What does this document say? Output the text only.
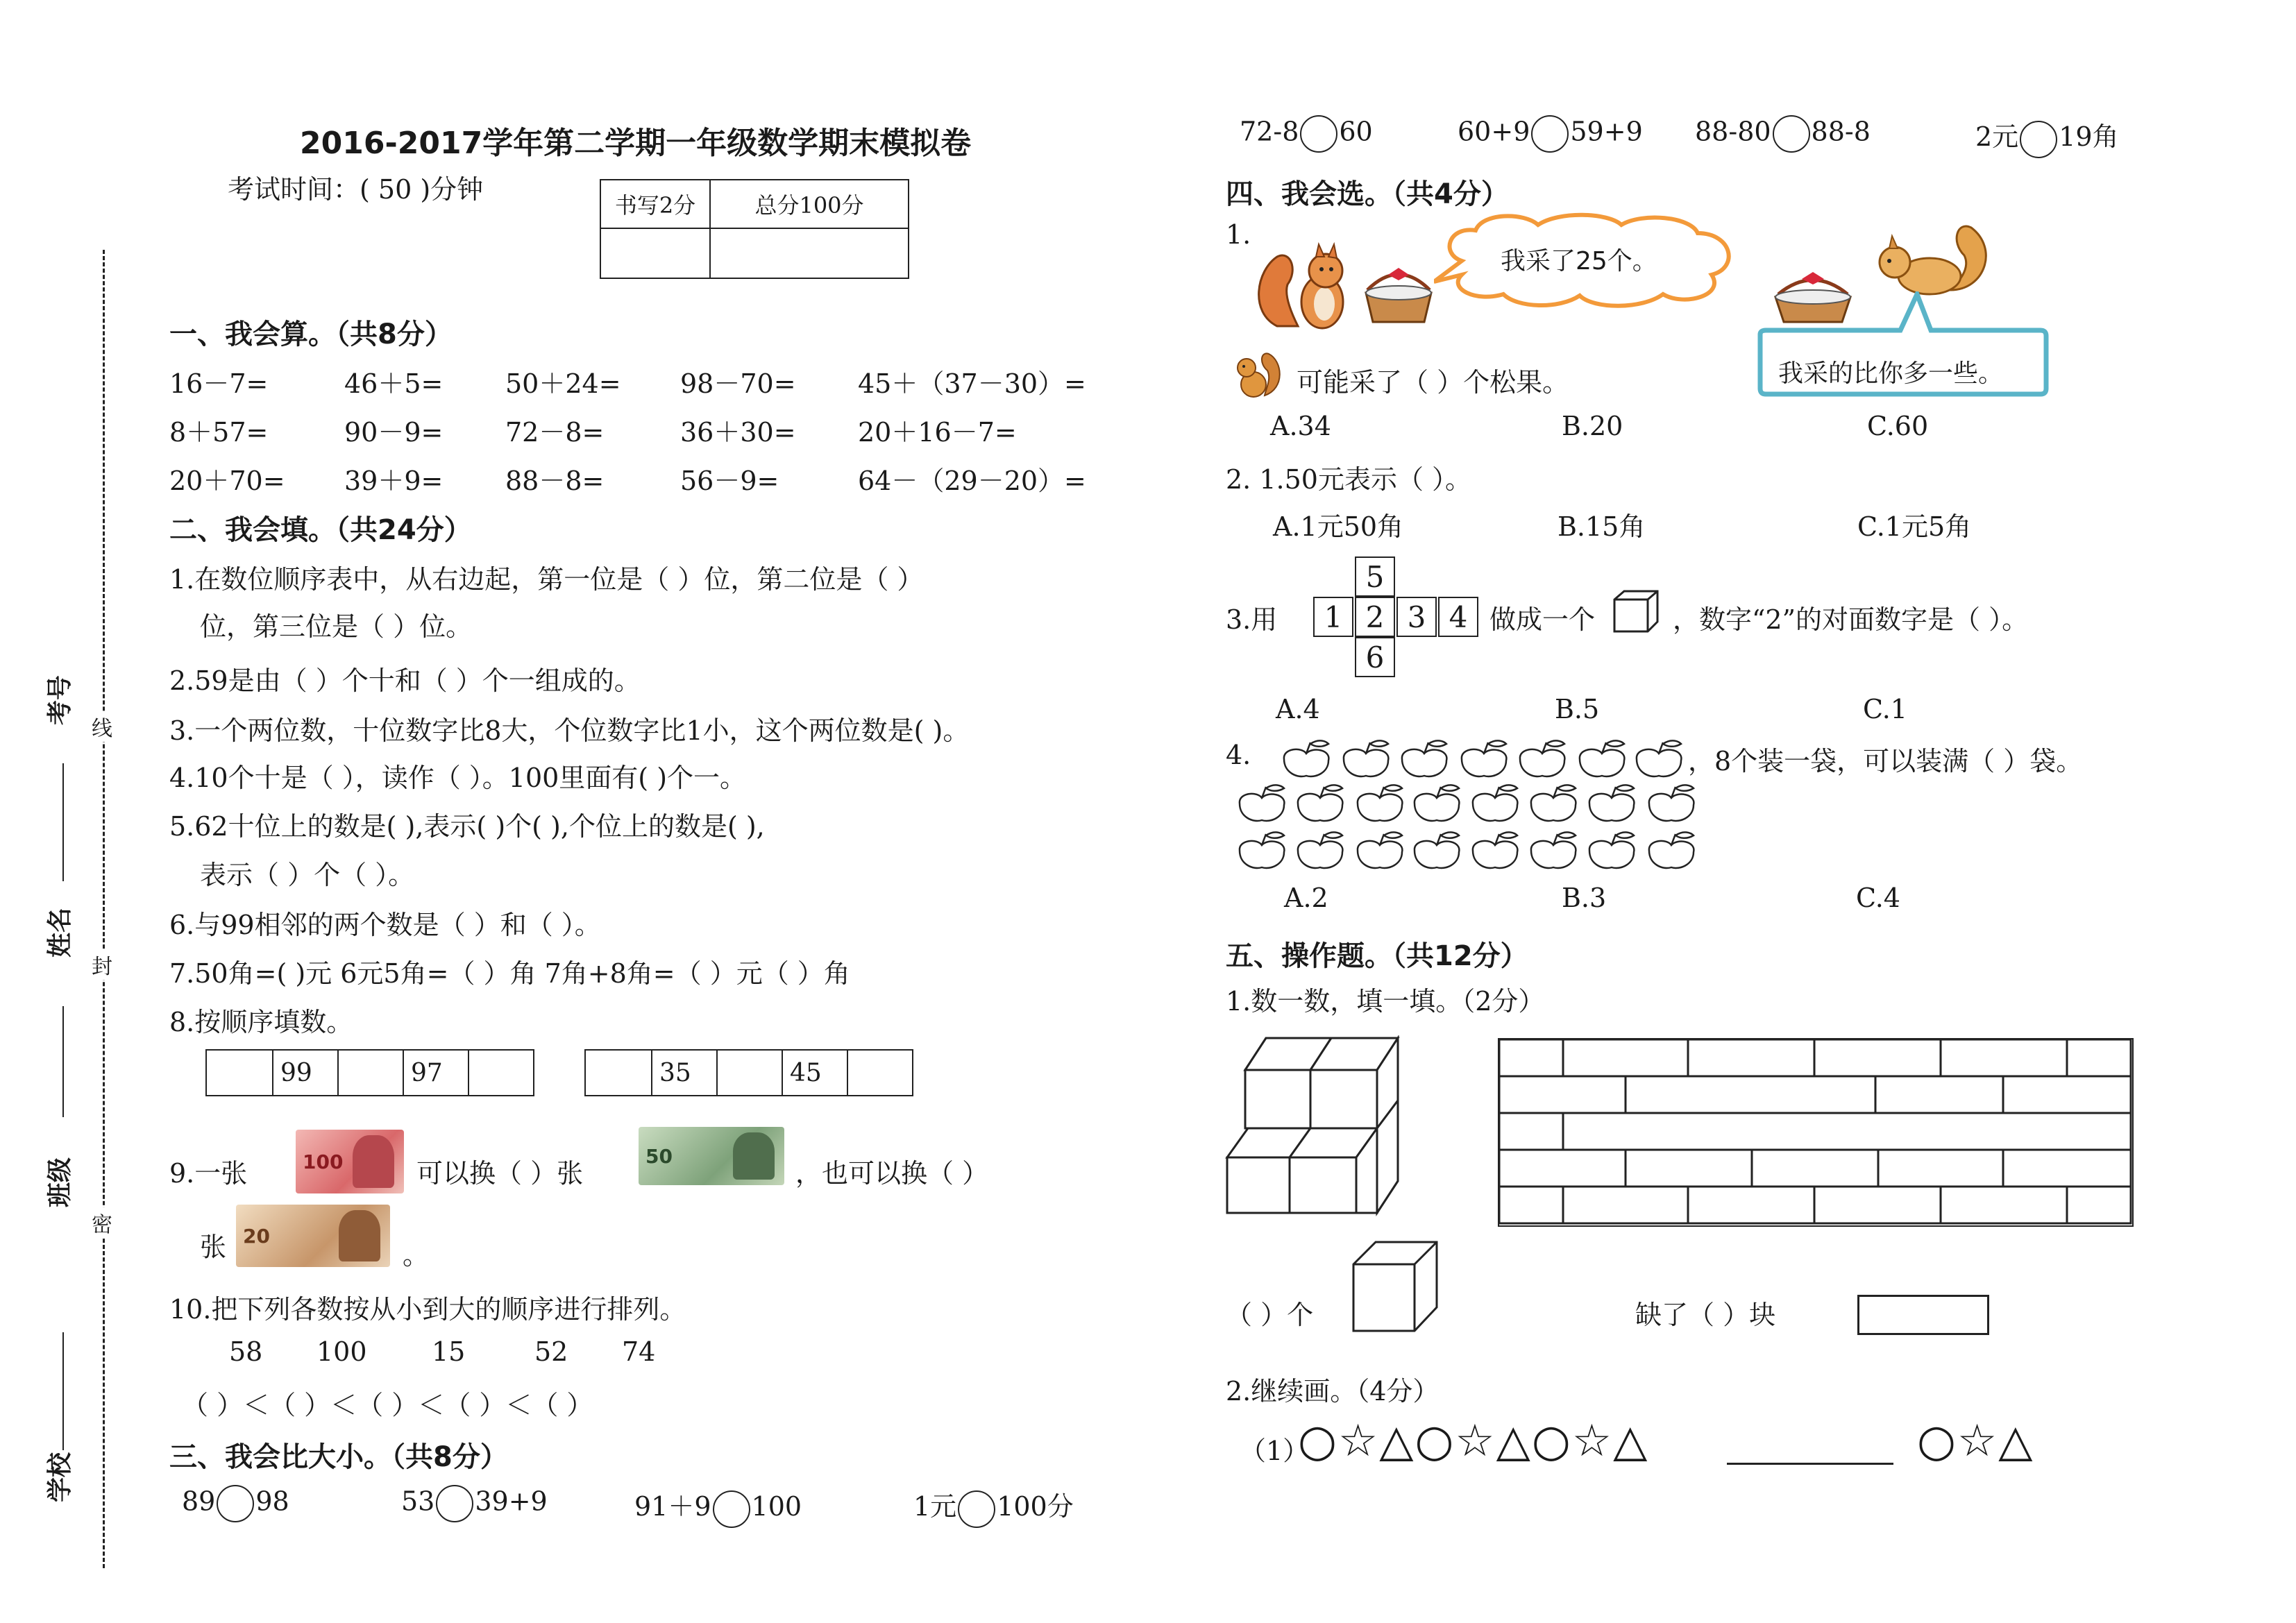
学校
班级
姓名
考号
密
封
线
2016-2017学年第二学期一年级数学期末模拟卷
考试时间：( 50 )分钟
书写2分	总分100分

一、我会算。（共8分）
16－7=	46＋5= 50＋24= 98－70= 45＋（37－30）=
8＋57=	90－9= 72－8=	36＋30= 20＋16－7=
20＋70= 39＋9= 88－8=	56－9=	64－（29－20）=
二、我会填。（共24分）
1.在数位顺序表中，从右边起，第一位是（ ）位，第二位是（ ）
位，第三位是（ ）位。
2.59是由（ ）个十和（ ）个一组成的。
3.一个两位数，十位数字比8大，个位数字比1小，这个两位数是( )。
4.10个十是（ ），读作（ ）。100里面有( )个一。
5.62十位上的数是( ),表示( )个( ),个位上的数是( ),
表示（ ）个（ ）。
6.与99相邻的两个数是（ ）和（ ）。
7.50角=( )元 6元5角=（ ）角 7角+8角=（ ）元（ ）角
8.按顺序填数。
99	97	35	45
9.一张	100	可以换（ ）张
50
，也可以换（ ）
张 20
。
10.把下列各数按从小到大的顺序进行排列。
58 100 15	52 74
（ ）＜（ ）＜（ ）＜（ ）＜（ ）
三、我会比大小。（共8分）
89 98	53 39+9	91＋9 100	1元 100分
72-8 60	60+9 59+9 88-80 88-8	2元 19角
四、我会选。（共4分）
1.
我采了25个。
我采的比你多一些。
可能采了（ ）个松果。
A.34	B.20	C.60
2. 1.50元表示（ ）。
A.1元50角	B.15角	C.1元5角
3.用
5
1 2 3 4
6
做成一个	，数字“2”的对面数字是（ ）。
A.4	B.5	C.1
4.	，8个装一袋，可以装满（ ）袋。
A.2	B.3	C.4
五、操作题。（共12分）
1.数一数，填一填。（2分）
（ ）个	缺了（ ）块
2.继续画。（4分）
（1）
○☆△○☆△○☆△	○☆△
